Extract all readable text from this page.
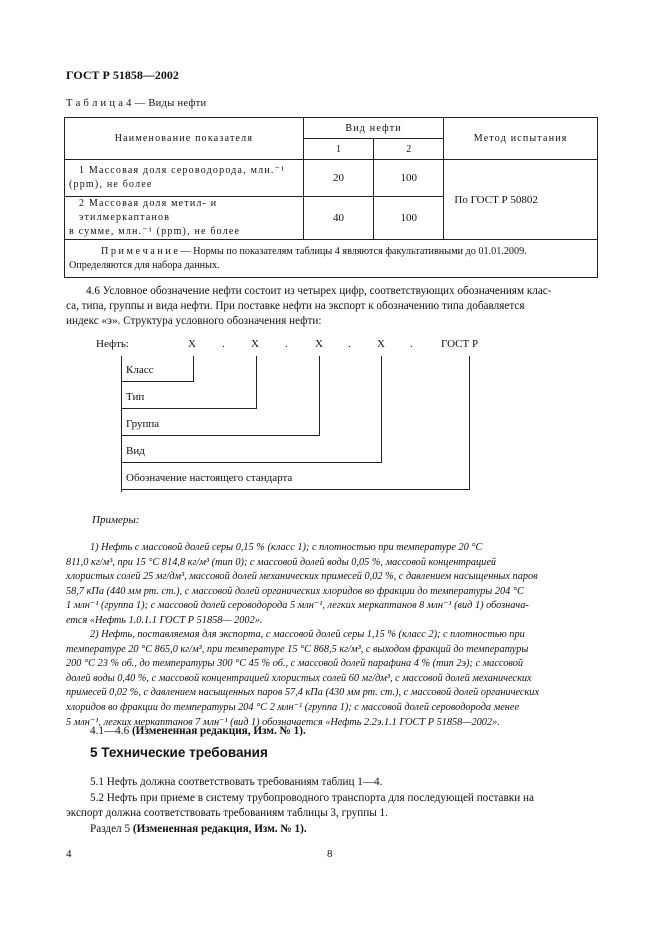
ГОСТ Р 51858—2002
Т а б л и ц а 4 — Виды нефти
Наименование показателя	Вид нефти		Метод испытания
	1	2	

1 Массовая доля сероводорода, млн.⁻¹
(ppm), не более	20	100	По ГОСТ Р 50802

2 Массовая доля метил- и этилмеркаптанов
в сумме, млн.⁻¹ (ppm), не более	40	100	

П р и м е ч а н и е — Нормы по показателям таблицы 4 являются факультативными до 01.01.2009.
Определяются для набора данных.			
4.6 Условное обозначение нефти состоит из четырех цифр, соответствующих обозначениям клас-
са, типа, группы и вида нефти. При поставке нефти на экспорт к обозначению типа добавляется
индекс «э». Структура условного обозначения нефти:
Нефть:	Х . Х . Х . Х .	ГОСТ Р
Класс
Тип
Группа
Вид
Обозначение настоящего стандарта
Примеры:
1) Нефть с массовой долей серы 0,15 % (класс 1); с плотностью при температуре 20 °С
811,0 кг/м³, при 15 °С 814,8 кг/м³ (тип 0); с массовой долей воды 0,05 %, массовой концентрацией
хлористых солей 25 мг/дм³, массовой долей механических примесей 0,02 %, с давлением насыщенных паров
58,7 кПа (440 мм рт. ст.), с массовой долей органических хлоридов во фракции до температуры 204 °С
1 млн⁻¹ (группа 1); с массовой долей сероводорода 5 млн⁻¹, легких меркаптанов 8 млн⁻¹ (вид 1) обознача-
ется «Нефть 1.0.1.1 ГОСТ Р 51858— 2002».
2) Нефть, поставляемая для экспорта, с массовой долей серы 1,15 % (класс 2); с плотностью при
температуре 20 °С 865,0 кг/м³, при температуре 15 °С 868,5 кг/м³, с выходом фракций до температуры
200 °С 23 % об., до температуры 300 °С 45 % об., с массовой долей парафина 4 % (тип 2э); с массовой
долей воды 0,40 %, с массовой концентрацией хлористых солей 60 мг/дм³, с массовой долей механических
примесей 0,02 %, с давлением насыщенных паров 57,4 кПа (430 мм рт. ст.), с массовой долей органических
хлоридов во фракции до температуры 204 °С 2 млн⁻¹ (группа 1); с массовой долей сероводорода менее
5 млн⁻¹, легких меркаптанов 7 млн⁻¹ (вид 1) обозначается «Нефть 2.2э.1.1 ГОСТ Р 51858—2002».
4.1—4.6 (Измененная редакция, Изм. № 1).
5 Технические требования
5.1 Нефть должна соответствовать требованиям таблиц 1—4.
5.2 Нефть при приеме в систему трубопроводного транспорта для последующей поставки на
экспорт должна соответствовать требованиям таблицы 3, группы 1.
Раздел 5 (Измененная редакция, Изм. № 1).
4	8
